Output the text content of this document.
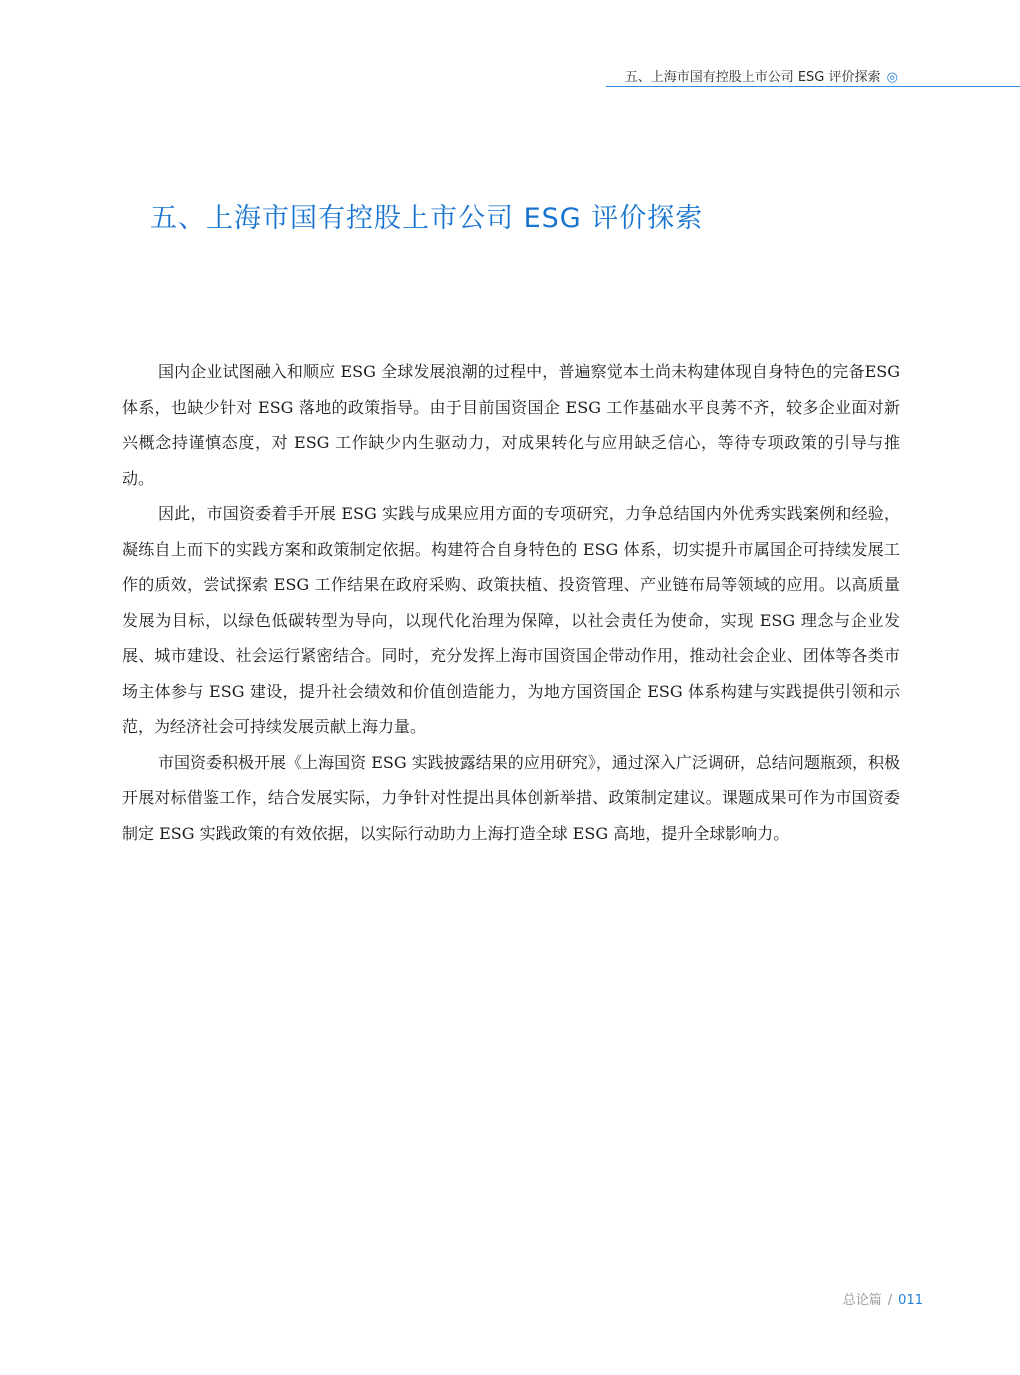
五、上海市国有控股上市公司 ESG 评价探索 ◎
五、上海市国有控股上市公司 ESG 评价探索

国内企业试图融入和顺应 ESG 全球发展浪潮的过程中，普遍察觉本土尚未构建体现自身特色的完备ESG 体系，也缺少针对 ESG 落地的政策指导。由于目前国资国企 ESG 工作基础水平良莠不齐，较多企业面对新兴概念持谨慎态度，对 ESG 工作缺少内生驱动力，对成果转化与应用缺乏信心，等待专项政策的引导与推动。

因此，市国资委着手开展 ESG 实践与成果应用方面的专项研究，力争总结国内外优秀实践案例和经验，凝练自上而下的实践方案和政策制定依据。构建符合自身特色的 ESG 体系，切实提升市属国企可持续发展工作的质效，尝试探索 ESG 工作结果在政府采购、政策扶植、投资管理、产业链布局等领域的应用。以高质量发展为目标，以绿色低碳转型为导向，以现代化治理为保障，以社会责任为使命，实现 ESG 理念与企业发展、城市建设、社会运行紧密结合。同时，充分发挥上海市国资国企带动作用，推动社会企业、团体等各类市场主体参与 ESG 建设，提升社会绩效和价值创造能力，为地方国资国企 ESG 体系构建与实践提供引领和示范，为经济社会可持续发展贡献上海力量。

市国资委积极开展《上海国资 ESG 实践披露结果的应用研究》，通过深入广泛调研，总结问题瓶颈，积极开展对标借鉴工作，结合发展实际，力争针对性提出具体创新举措、政策制定建议。课题成果可作为市国资委制定 ESG 实践政策的有效依据，以实际行动助力上海打造全球 ESG 高地，提升全球影响力。

总论篇 / 011
